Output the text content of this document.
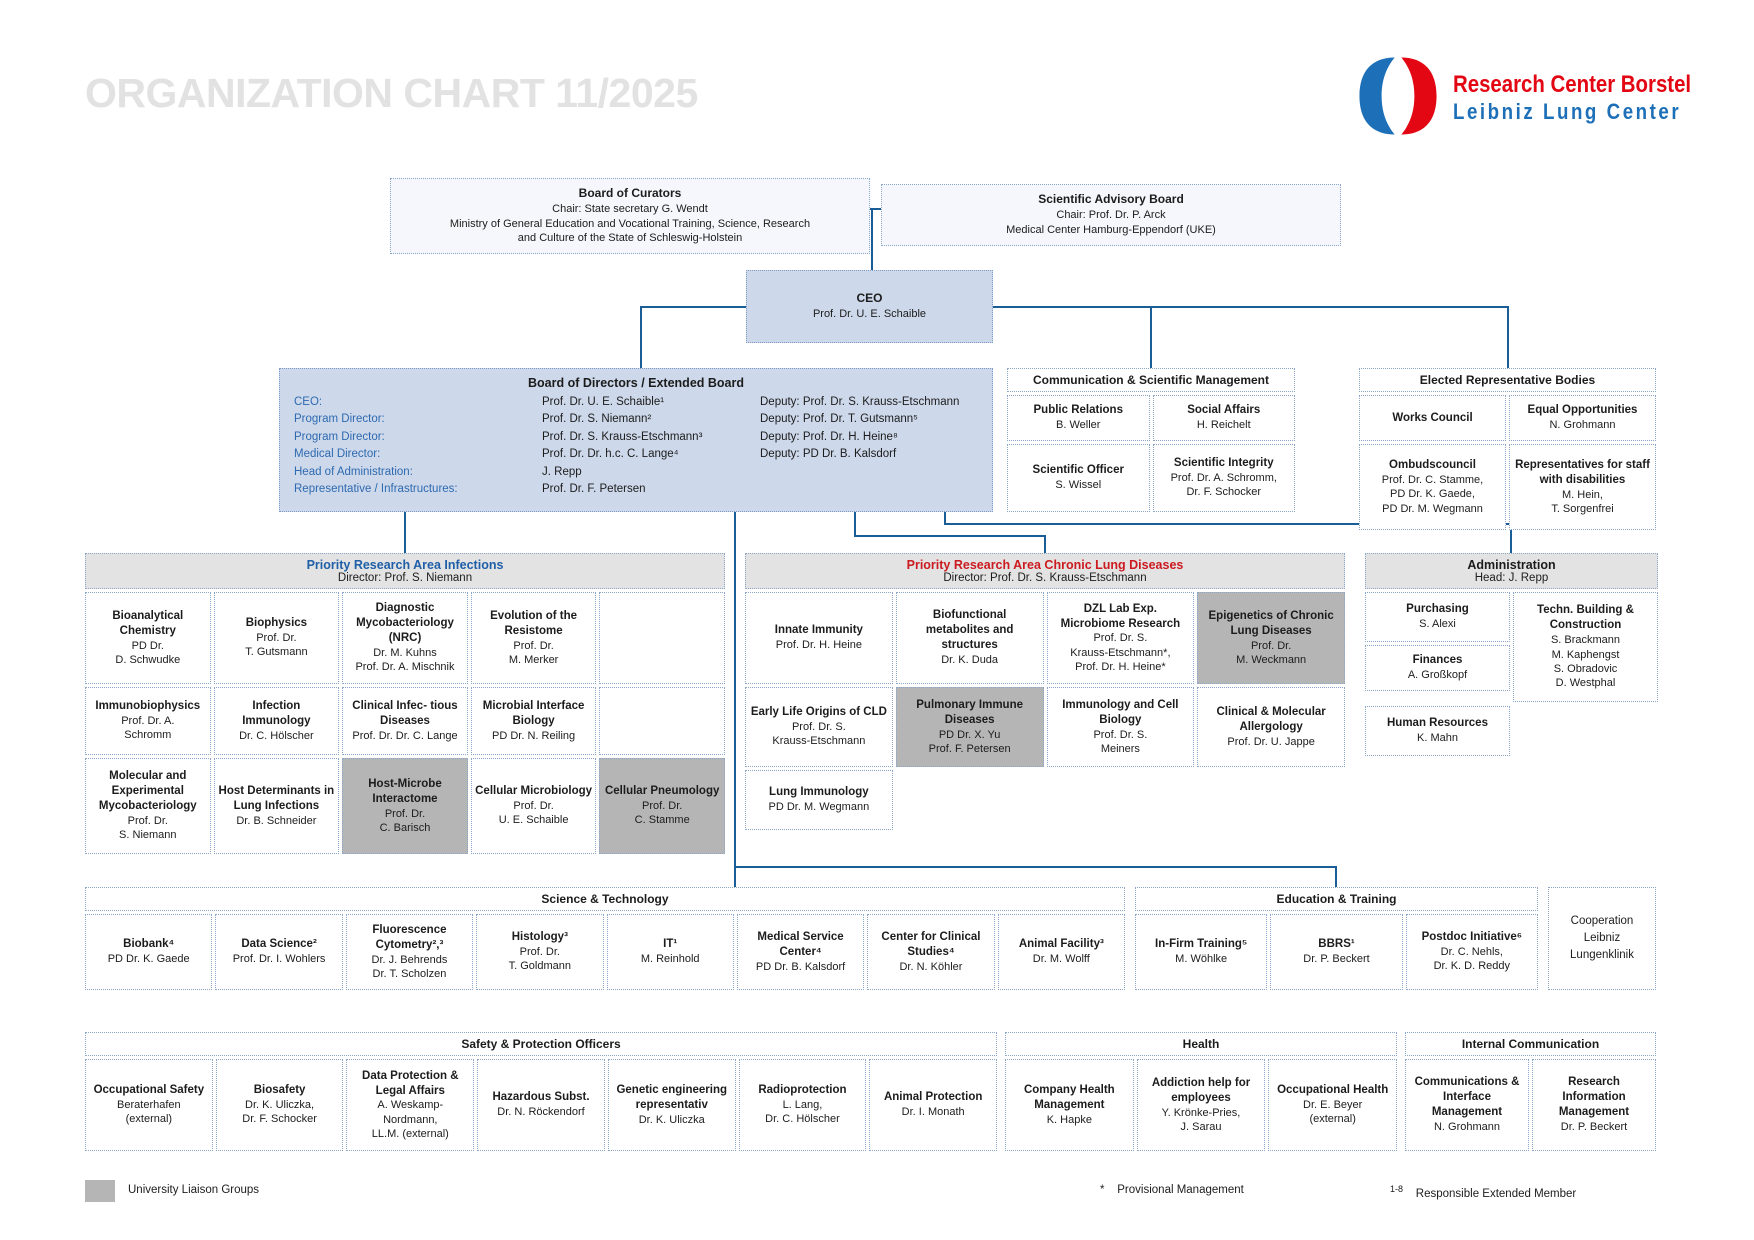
ORGANIZATION CHART 11/2025	Research Center Borstel
Leibniz Lung Center
Board of Curators
Chair: State secretary G. Wendt
Ministry of General Education and Vocational Training, Science, Research
and Culture of the State of Schleswig-Holstein
Scientific Advisory Board
Chair: Prof. Dr. P. Arck
Medical Center Hamburg-Eppendorf (UKE)
CEO
Prof. Dr. U. E. Schaible
Board of Directors / Extended Board
CEO:	Prof. Dr. U. E. Schaible¹	Deputy: Prof. Dr. S. Krauss-Etschmann
Program Director:	Prof. Dr. S. Niemann²	Deputy: Prof. Dr. T. Gutsmann⁵
Program Director:	Prof. Dr. S. Krauss-Etschmann³	Deputy: Prof. Dr. H. Heine⁸
Medical Director:	Prof. Dr. Dr. h.c. C. Lange⁴	Deputy: PD Dr. B. Kalsdorf
Head of Administration:	J. Repp
Representative / Infrastructures:	Prof. Dr. F. Petersen
Communication & Scientific Management
Public Relations
B. Weller
Social Affairs
H. Reichelt
Scientific Officer
S. Wissel
Scientific Integrity
Prof. Dr. A. Schromm,
Dr. F. Schocker
Elected Representative Bodies
Works Council
Equal Opportunities
N. Grohmann
Ombudscouncil
Prof. Dr. C. Stamme,
PD Dr. K. Gaede,
PD Dr. M. Wegmann
Representatives for staff with disabilities
M. Hein,
T. Sorgenfrei
Priority Research Area Infections
Director: Prof. S. Niemann
Bioanalytical Chemistry
PD Dr.
D. Schwudke
Biophysics
Prof. Dr.
T. Gutsmann
Diagnostic Mycobacteriology (NRC)
Dr. M. Kuhns
Prof. Dr. A. Mischnik
Evolution of the Resistome
Prof. Dr.
M. Merker
Immunobiophysics
Prof. Dr. A.
Schromm
Infection Immunology
Dr. C. Hölscher
Clinical Infec- tious Diseases
Prof. Dr. Dr. C. Lange
Microbial Interface Biology
PD Dr. N. Reiling
Molecular and Experimental Mycobacteriology
Prof. Dr.
S. Niemann
Host Determinants in Lung Infections
Dr. B. Schneider
Host-Microbe Interactome
Prof. Dr.
C. Barisch
Cellular Microbiology
Prof. Dr.
U. E. Schaible
Cellular Pneumology
Prof. Dr.
C. Stamme
Priority Research Area Chronic Lung Diseases
Director: Prof. Dr. S. Krauss-Etschmann
Innate Immunity
Prof. Dr. H. Heine
Biofunctional metabolites and structures
Dr. K. Duda
DZL Lab Exp. Microbiome Research
Prof. Dr. S.
Krauss-Etschmann*,
Prof. Dr. H. Heine*
Epigenetics of Chronic Lung Diseases
Prof. Dr.
M. Weckmann
Early Life Origins of CLD
Prof. Dr. S.
Krauss-Etschmann
Pulmonary Immune Diseases
PD Dr. X. Yu
Prof. F. Petersen
Immunology and Cell Biology
Prof. Dr. S.
Meiners
Clinical & Molecular Allergology
Prof. Dr. U. Jappe
Lung Immunology
PD Dr. M. Wegmann
Administration
Head: J. Repp
Purchasing
S. Alexi
Finances
A. Großkopf
Human Resources
K. Mahn
Techn. Building & Construction
S. Brackmann
M. Kaphengst
S. Obradovic
D. Westphal
Science & Technology
Biobank⁴
PD Dr. K. Gaede
Data Science²
Prof. Dr. I. Wohlers
Fluorescence Cytometry²,³
Dr. J. Behrends
Dr. T. Scholzen
Histology³
Prof. Dr.
T. Goldmann
IT¹
M. Reinhold
Medical Service Center⁴
PD Dr. B. Kalsdorf
Center for Clinical Studies⁴
Dr. N. Köhler
Animal Facility³
Dr. M. Wolff
Education & Training
In-Firm Training⁵
M. Wöhlke
BBRS¹
Dr. P. Beckert
Postdoc Initiative⁶
Dr. C. Nehls,
Dr. K. D. Reddy
Cooperation
Leibniz
Lungenklinik
Safety & Protection Officers
Occupational Safety
Beraterhafen
(external)
Biosafety
Dr. K. Uliczka,
Dr. F. Schocker
Data Protection & Legal Affairs
A. Weskamp-
Nordmann,
LL.M. (external)
Hazardous Subst.
Dr. N. Röckendorf
Genetic engineering representativ
Dr. K. Uliczka
Radioprotection
L. Lang,
Dr. C. Hölscher
Animal Protection
Dr. I. Monath
Health
Company Health Management
K. Hapke
Addiction help for employees
Y. Krönke-Pries,
J. Sarau
Occupational Health
Dr. E. Beyer
(external)
Internal Communication
Communications & Interface Management
N. Grohmann
Research Information Management
Dr. P. Beckert
University Liaison Groups	* Provisional Management	$^{1-8}$ Responsible Extended Member
